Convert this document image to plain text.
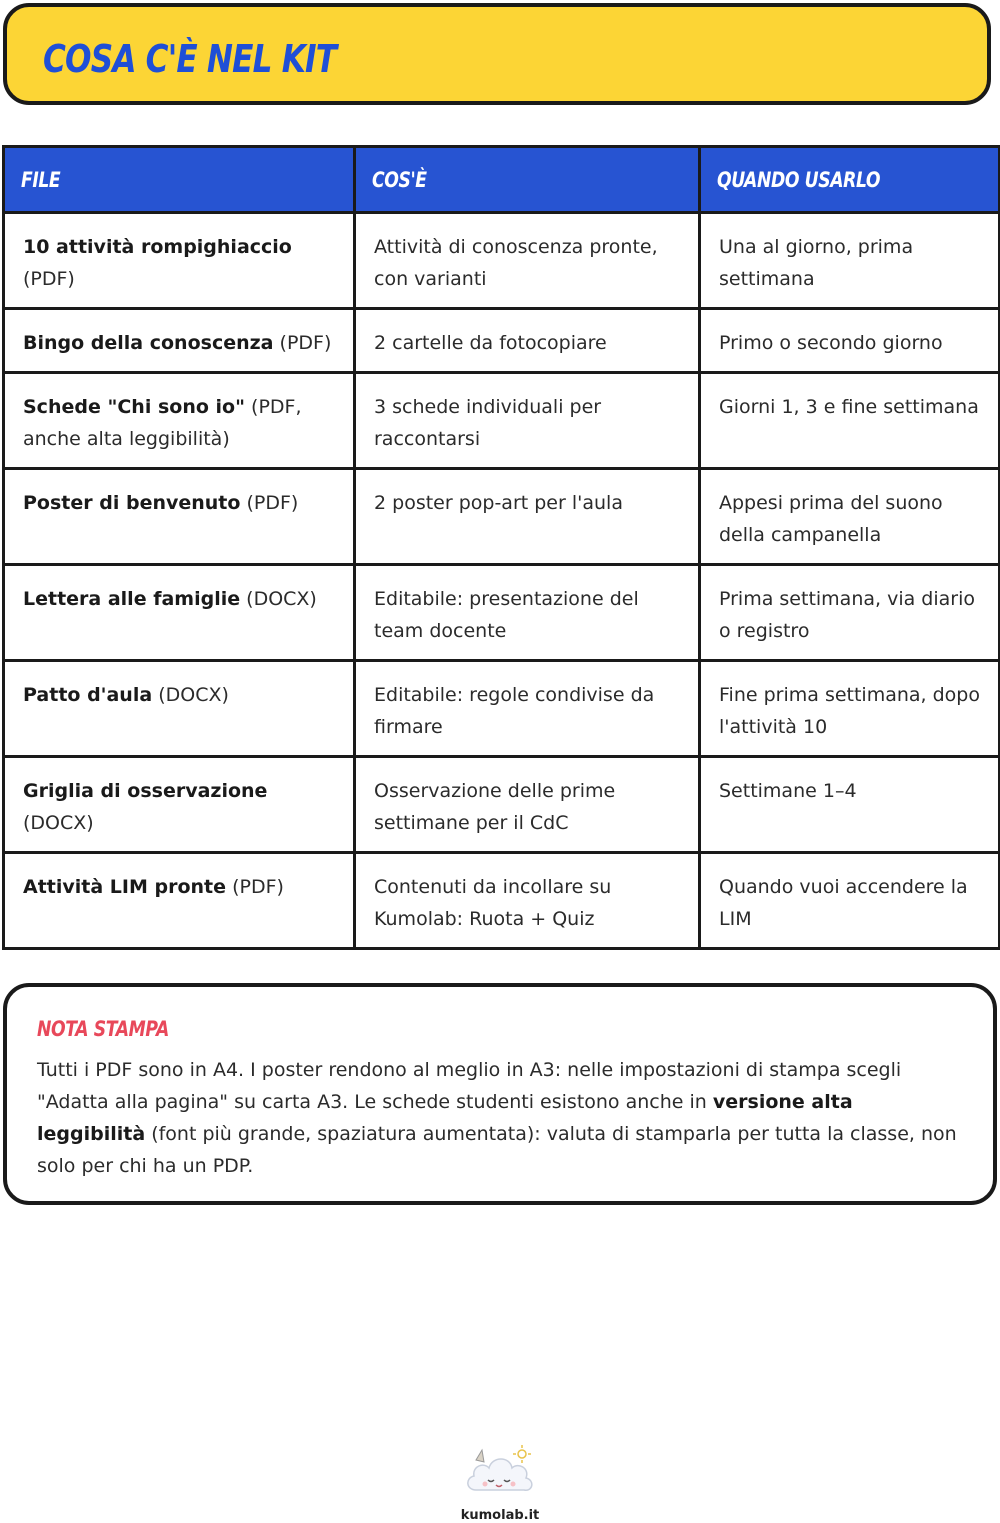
COSA C'È NEL KIT
FILE	COS'È	QUANDO USARLO
10 attività rompighiaccio (PDF)	Attività di conoscenza pronte, con varianti	Una al giorno, prima settimana
Bingo della conoscenza (PDF)	2 cartelle da fotocopiare	Primo o secondo giorno
Schede "Chi sono io" (PDF, anche alta leggibilità)	3 schede individuali per raccontarsi	Giorni 1, 3 e fine settimana
Poster di benvenuto (PDF)	2 poster pop-art per l'aula	Appesi prima del suono della campanella
Lettera alle famiglie (DOCX)	Editabile: presentazione del team docente	Prima settimana, via diario o registro
Patto d'aula (DOCX)	Editabile: regole condivise da firmare	Fine prima settimana, dopo l'attività 10
Griglia di osservazione (DOCX)	Osservazione delle prime settimane per il CdC	Settimane 1–4
Attività LIM pronte (PDF)	Contenuti da incollare su Kumolab: Ruota + Quiz	Quando vuoi accendere la LIM
NOTA STAMPA

Tutti i PDF sono in A4. I poster rendono al meglio in A3: nelle impostazioni di stampa scegli "Adatta alla pagina" su carta A3. Le schede studenti esistono anche in versione alta leggibilità (font più grande, spaziatura aumentata): valuta di stamparla per tutta la classe, non solo per chi ha un PDP.

kumolab.it
